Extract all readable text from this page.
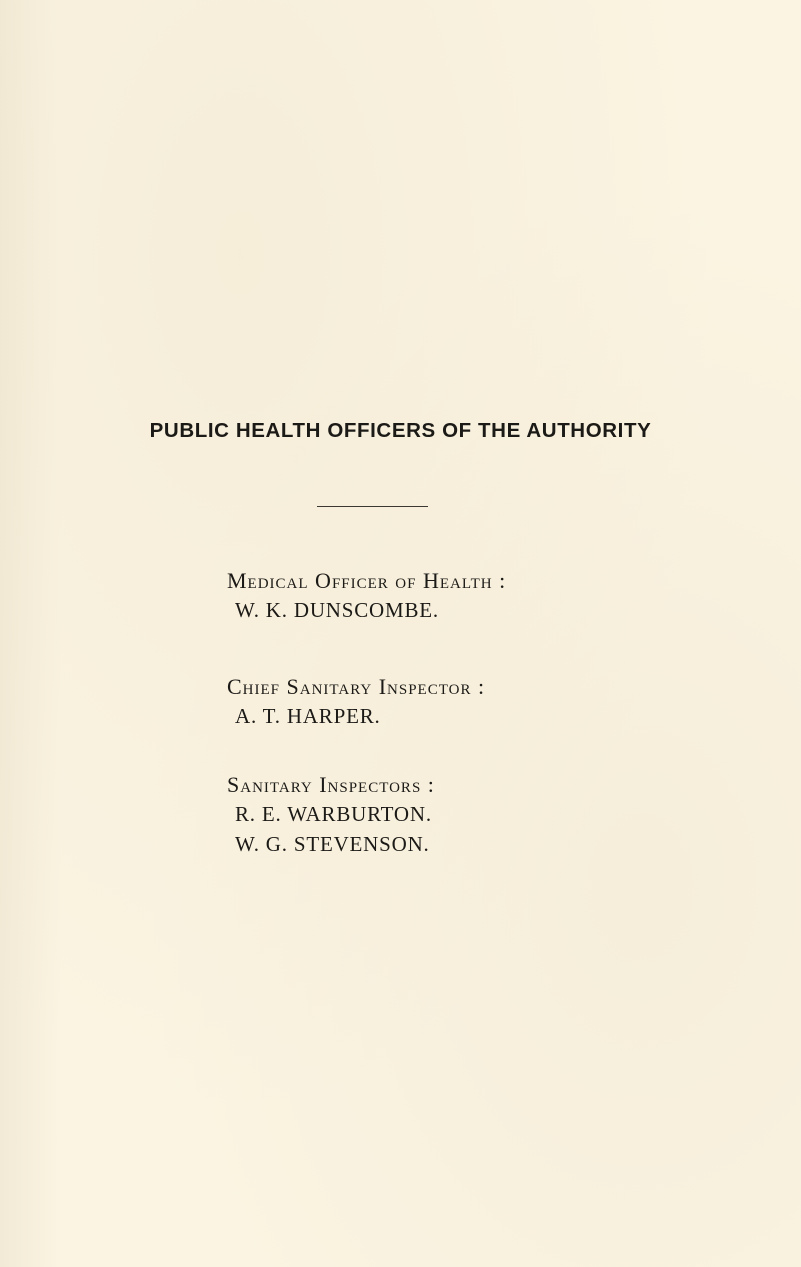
PUBLIC HEALTH OFFICERS OF THE AUTHORITY
Medical Officer of Health :
W. K. DUNSCOMBE.
Chief Sanitary Inspector :
A. T. HARPER.
Sanitary Inspectors :
R. E. WARBURTON.
W. G. STEVENSON.
